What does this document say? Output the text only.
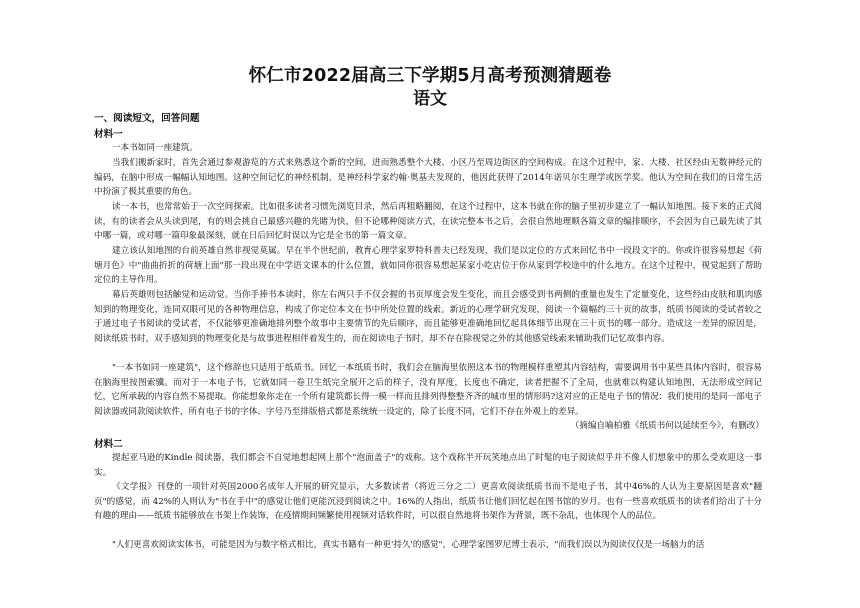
怀仁市2022届高三下学期5月高考预测猜题卷
语文
一、阅读短文，回答问题
材料一
一本书如同一座建筑。
当我们搬新家时，首先会通过参观游览的方式来熟悉这个新的空间，进而熟悉整个大楼、小区乃至周边街区的空间构成。在这个过程中，家、大楼、社区经由无数神经元的编码，在脑中形成一幅幅认知地图。这种空间记忆的神经机制，是神经科学家约翰·奥基夫发现的，他因此获得了2014年诺贝尔生理学或医学奖。他认为空间在我们的日常生活中扮演了极其重要的角色。
读一本书，也常常始于一次空间探索。比如很多读者习惯先浏览目录，然后再粗略翻阅，在这个过程中，这本书就在你的脑子里初步建立了一幅认知地图。接下来的正式阅读，有的读者会从头读到尾，有的则会挑自己最感兴趣的先睹为快，但不论哪种阅读方式，在读完整本书之后，会很自然地理顺各篇文章的编排顺序，不会因为自己最先读了其中哪一篇，或对哪一篇印象最深刻，就在日后回忆时误以为它是全书的第一篇文章。
建立该认知地图的台前英雄自然非视觉莫属。早在半个世纪前，教育心理学家罗特科普夫已经发现，我们是以定位的方式来回忆书中一段段文字的。你或许很容易想起《荷塘月色》中"曲曲折折的荷塘上面"那一段出现在中学语文课本的什么位置，就如同你很容易想起某家小吃店位于你从家到学校途中的什么地方。在这个过程中，视觉起到了帮助定位的主导作用。
幕后英雄则包括触觉和运动觉。当你手捧书本读时，你左右两只手不仅会握的书页厚度会发生变化，而且会感受到书两侧的重量也发生了定量变化，这些经由皮肤和肌肉感知到的物理变化，连同双眼可见的各种物理信息，构成了你定位本文在书中所处位置的线索。新近的心理学研究发现，阅读一个篇幅约三十页的故事，纸质书阅读的受试者较之于通过电子书阅读的受试者，不仅能够更准确地排列整个故事中主要情节的先后顺序，而且能够更准确地回忆起具体细节出现在三十页书的哪一部分。造成这一差异的原因是，阅读纸质书时，双手感知到的物理变化是与故事进程相伴着发生的，而在阅读电子书时，却不存在除视觉之外的其他感觉线索来辅助我们记忆故事内容。
"一本书如同一座建筑"，这个修辞也只适用于纸质书。回忆一本纸质书时，我们会在脑海里依照这本书的物理模样重塑其内容结构，需要调用书中某些具体内容时，很容易在脑海里按图索骥。而对于一本电子书，它就如同一卷卫生纸完全展开之后的样子，没有厚度，长度也不确定，读者把握不了全局，也就难以构建认知地图，无法形成空间记忆，它所承载的内容自然不易提取。你能想象你走在一个所有建筑都长得一模一样而且排列得整整齐齐的城市里的情形吗?这对应的正是电子书的情况：我们使用的是同一部电子阅读器或同款阅读软件，所有电子书的字体、字号乃至排版格式都是系统统一设定的，除了长度不同，它们不存在外观上的差异。
（摘编自喻柏雅《纸质书何以延续至今》，有删改）
材料二
提起亚马逊的Kindle 阅读器，我们都会不自觉地想起网上那个"泡面盖子"的戏称。这个戏称半开玩笑地点出了时髦的电子阅读似乎并不像人们想象中的那么受欢迎这一事实。
《文学报》刊登的一项针对英国2000名成年人开展的研究显示，大多数读者（将近三分之二）更喜欢阅读纸质书而不是电子书，其中46%的人认为主要原因是喜欢"翻页"的感觉，而 42%的人则认为"书在手中"的感觉让他们更能沉浸到阅读之中。16%的人指出，纸质书让他们回忆起在图书馆的岁月。也有一些喜欢纸质书的读者们给出了十分有趣的理由——纸质书能够放在书架上作装饰，在疫情期间频繁使用视频对话软件时，可以很自然地将书架作为背景，既不杂乱，也体现个人的品位。
"人们更喜欢阅读实体书，可能是因为与数字格式相比，真实书籍有一种更'持久'的感觉"，心理学家图罗尼博士表示，"而我们误以为阅读仅仅是一场脑力的活
